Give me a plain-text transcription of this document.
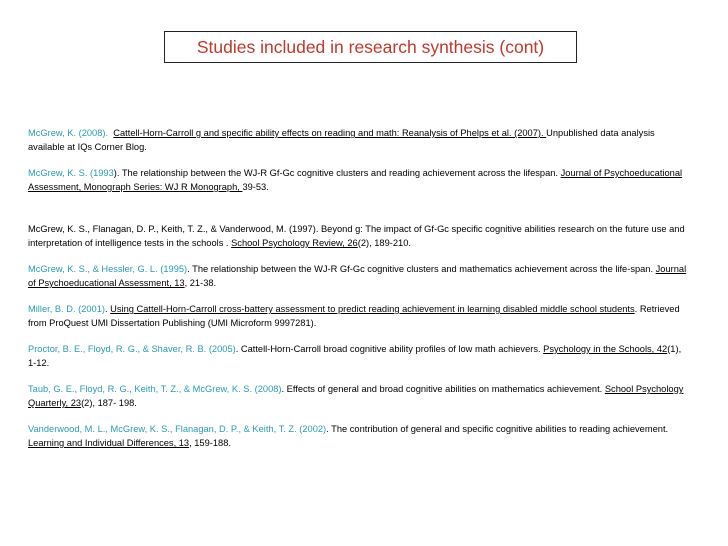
Studies included in research synthesis (cont)

McGrew, K. (2008). Cattell-Horn-Carroll g and specific ability effects on reading and math: Reanalysis of Phelps et al. (2007). Unpublished data analysis available at IQs Corner Blog.

McGrew, K. S. (1993). The relationship between the WJ-R Gf-Gc cognitive clusters and reading achievement across the lifespan. Journal of Psychoeducational Assessment, Monograph Series: WJ R Monograph, 39-53.

McGrew, K. S., Flanagan, D. P., Keith, T. Z., & Vanderwood, M. (1997). Beyond g: The impact of Gf-Gc specific cognitive abilities research on the future use and interpretation of intelligence tests in the schools . School Psychology Review, 26(2), 189-210.

McGrew, K. S., & Hessler, G. L. (1995). The relationship between the WJ-R Gf-Gc cognitive clusters and mathematics achievement across the life-span. Journal of Psychoeducational Assessment, 13, 21-38.

Miller, B. D. (2001). Using Cattell-Horn-Carroll cross-battery assessment to predict reading achievement in learning disabled middle school students. Retrieved from ProQuest UMI Dissertation Publishing (UMI Microform 9997281).

Proctor, B. E., Floyd, R. G., & Shaver, R. B. (2005). Cattell-Horn-Carroll broad cognitive ability profiles of low math achievers. Psychology in the Schools, 42(1), 1-12.

Taub, G. E., Floyd, R. G., Keith, T. Z., & McGrew, K. S. (2008). Effects of general and broad cognitive abilities on mathematics achievement. School Psychology Quarterly, 23(2), 187- 198.

Vanderwood, M. L., McGrew, K. S., Flanagan, D. P., & Keith, T. Z. (2002). The contribution of general and specific cognitive abilities to reading achievement. Learning and Individual Differences, 13, 159-188.
